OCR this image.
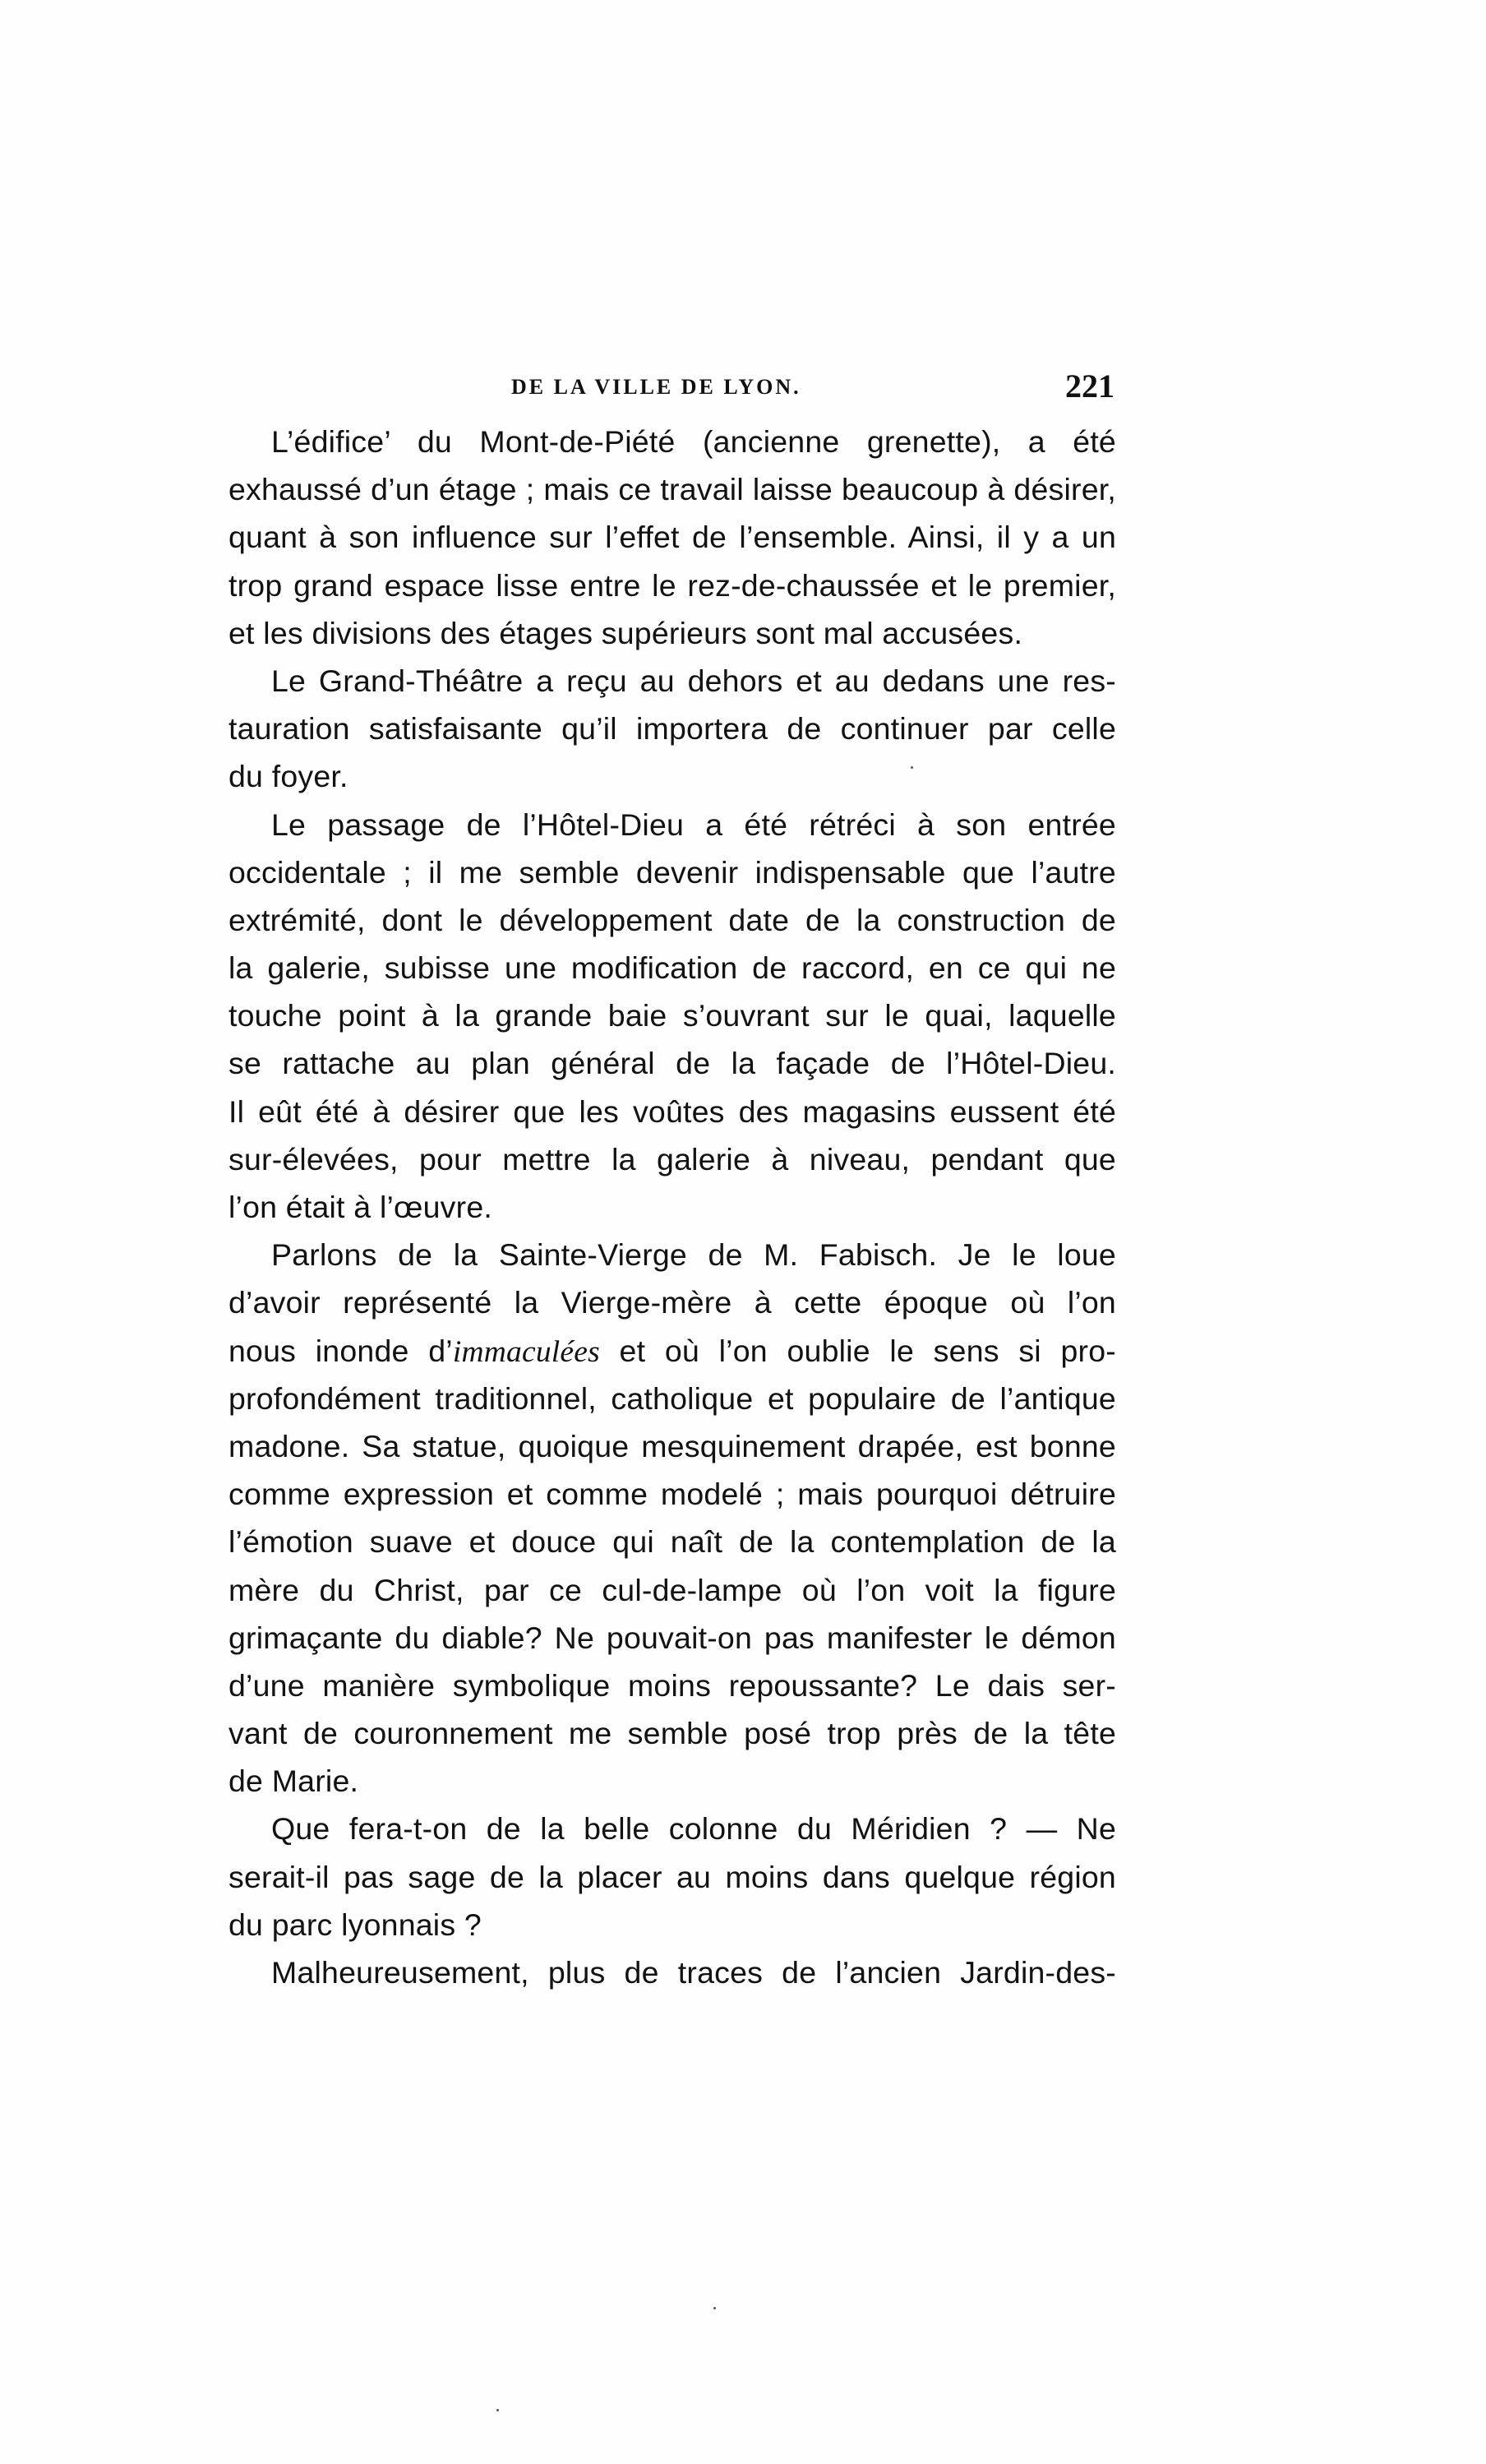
DE LA VILLE DE LYON.	221
L’édifice’ du Mont-de-Piété (ancienne grenette), a été
exhaussé d’un étage ; mais ce travail laisse beaucoup à désirer,
quant à son influence sur l’effet de l’ensemble. Ainsi, il y a un
trop grand espace lisse entre le rez-de-chaussée et le premier,
et les divisions des étages supérieurs sont mal accusées.
Le Grand-Théâtre a reçu au dehors et au dedans une res-
tauration satisfaisante qu’il importera de continuer par celle
du foyer.
Le passage de l’Hôtel-Dieu a été rétréci à son entrée
occidentale ; il me semble devenir indispensable que l’autre
extrémité, dont le développement date de la construction de
la galerie, subisse une modification de raccord, en ce qui ne
touche point à la grande baie s’ouvrant sur le quai, laquelle
se rattache au plan général de la façade de l’Hôtel-Dieu.
Il eût été à désirer que les voûtes des magasins eussent été
sur-élevées, pour mettre la galerie à niveau, pendant que
l’on était à l’œuvre.
Parlons de la Sainte-Vierge de M. Fabisch. Je le loue
d’avoir représenté la Vierge-mère à cette époque où l’on
nous inonde d’immaculées et où l’on oublie le sens si pro-
profondément traditionnel, catholique et populaire de l’antique
madone. Sa statue, quoique mesquinement drapée, est bonne
comme expression et comme modelé ; mais pourquoi détruire
l’émotion suave et douce qui naît de la contemplation de la
mère du Christ, par ce cul-de-lampe où l’on voit la figure
grimaçante du diable? Ne pouvait-on pas manifester le démon
d’une manière symbolique moins repoussante? Le dais ser-
vant de couronnement me semble posé trop près de la tête
de Marie.
Que fera-t-on de la belle colonne du Méridien ? — Ne
serait-il pas sage de la placer au moins dans quelque région
du parc lyonnais ?
Malheureusement, plus de traces de l’ancien Jardin-des-
